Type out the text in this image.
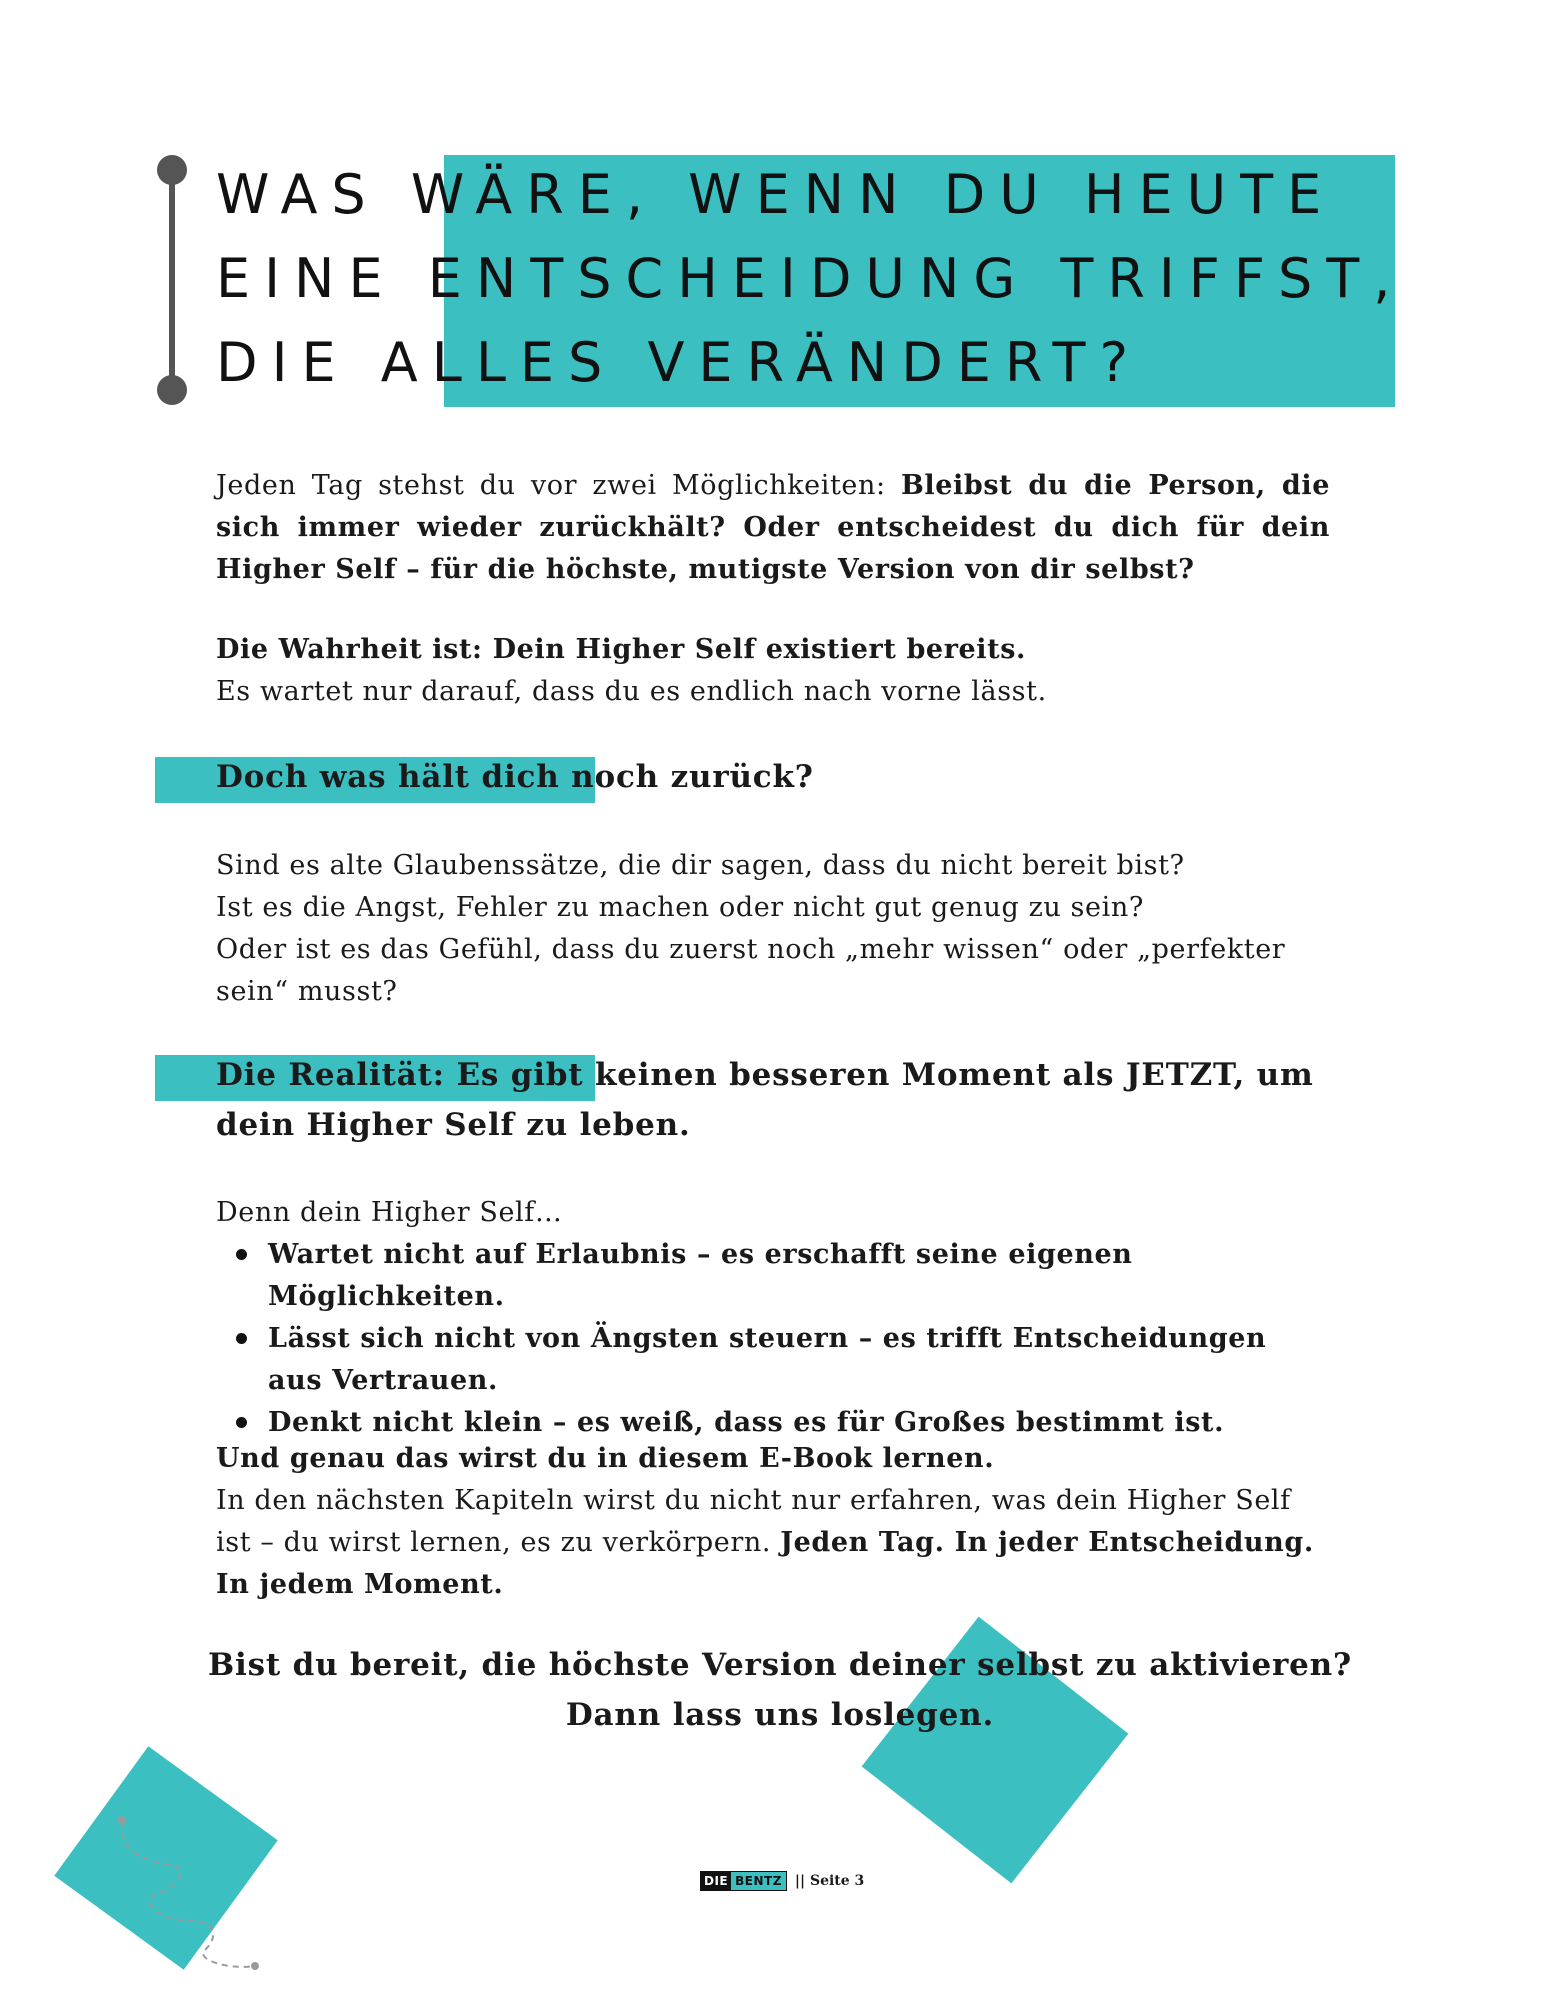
WAS WÄRE, WENN DU HEUTE
EINE ENTSCHEIDUNG TRIFFST,
DIE ALLES VERÄNDERT?

Jeden Tag stehst du vor zwei Möglichkeiten: Bleibst du die Person, die sich immer wieder zurückhält? Oder entscheidest du dich für dein Higher Self – für die höchste, mutigste Version von dir selbst?

Die Wahrheit ist: Dein Higher Self existiert bereits.
Es wartet nur darauf, dass du es endlich nach vorne lässt.

Doch was hält dich noch zurück?

Sind es alte Glaubenssätze, die dir sagen, dass du nicht bereit bist?
Ist es die Angst, Fehler zu machen oder nicht gut genug zu sein?
Oder ist es das Gefühl, dass du zuerst noch „mehr wissen“ oder „perfekter sein“ musst?

Die Realität: Es gibt keinen besseren Moment als JETZT, um dein Higher Self zu leben.
Denn dein Higher Self…
Wartet nicht auf Erlaubnis – es erschafft seine eigenen Möglichkeiten.
Lässt sich nicht von Ängsten steuern – es trifft Entscheidungen aus Vertrauen.
Denkt nicht klein – es weiß, dass es für Großes bestimmt ist.

Und genau das wirst du in diesem E-Book lernen.
In den nächsten Kapiteln wirst du nicht nur erfahren, was dein Higher Self ist – du wirst lernen, es zu verkörpern. Jeden Tag. In jeder Entscheidung. In jedem Moment.

Bist du bereit, die höchste Version deiner selbst zu aktivieren?

Dann lass uns loslegen.

DIE BENTZ || Seite 3
